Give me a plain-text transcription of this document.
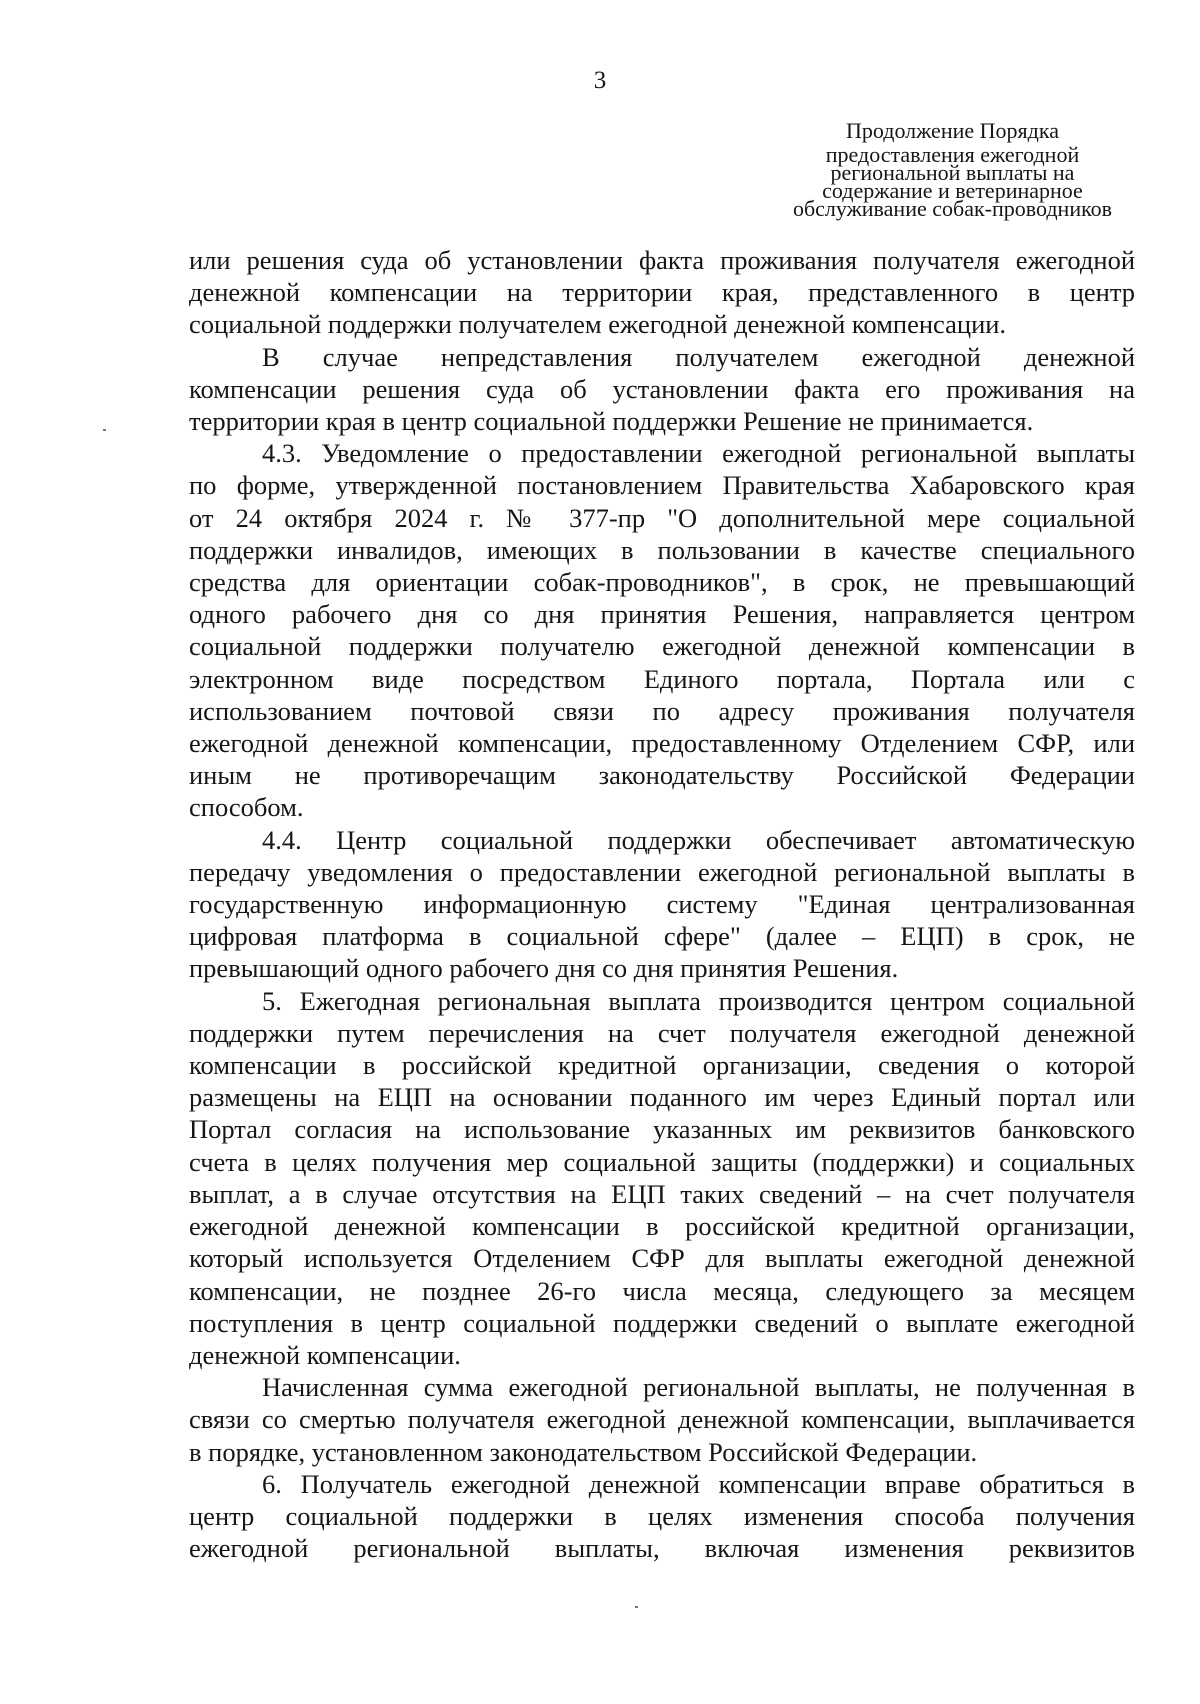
3
Продолжение Порядка
предоставления ежегодной
региональной выплаты на
содержание и ветеринарное
обслуживание собак-проводников
или решения суда об установлении факта проживания получателя ежегодной
денежной компенсации на территории края, представленного в центр
социальной поддержки получателем ежегодной денежной компенсации.
В случае непредставления получателем ежегодной денежной
компенсации решения суда об установлении факта его проживания на
территории края в центр социальной поддержки Решение не принимается.
4.3. Уведомление о предоставлении ежегодной региональной выплаты
по форме, утвержденной постановлением Правительства Хабаровского края
от 24 октября 2024 г. № 377-пр "О дополнительной мере социальной
поддержки инвалидов, имеющих в пользовании в качестве специального
средства для ориентации собак-проводников", в срок, не превышающий
одного рабочего дня со дня принятия Решения, направляется центром
социальной поддержки получателю ежегодной денежной компенсации в
электронном виде посредством Единого портала, Портала или с
использованием почтовой связи по адресу проживания получателя
ежегодной денежной компенсации, предоставленному Отделением СФР, или
иным не противоречащим законодательству Российской Федерации
способом.
4.4. Центр социальной поддержки обеспечивает автоматическую
передачу уведомления о предоставлении ежегодной региональной выплаты в
государственную информационную систему "Единая централизованная
цифровая платформа в социальной сфере" (далее – ЕЦП) в срок, не
превышающий одного рабочего дня со дня принятия Решения.
5. Ежегодная региональная выплата производится центром социальной
поддержки путем перечисления на счет получателя ежегодной денежной
компенсации в российской кредитной организации, сведения о которой
размещены на ЕЦП на основании поданного им через Единый портал или
Портал согласия на использование указанных им реквизитов банковского
счета в целях получения мер социальной защиты (поддержки) и социальных
выплат, а в случае отсутствия на ЕЦП таких сведений – на счет получателя
ежегодной денежной компенсации в российской кредитной организации,
который используется Отделением СФР для выплаты ежегодной денежной
компенсации, не позднее 26-го числа месяца, следующего за месяцем
поступления в центр социальной поддержки сведений о выплате ежегодной
денежной компенсации.
Начисленная сумма ежегодной региональной выплаты, не полученная в
связи со смертью получателя ежегодной денежной компенсации, выплачивается
в порядке, установленном законодательством Российской Федерации.
6. Получатель ежегодной денежной компенсации вправе обратиться в
центр социальной поддержки в целях изменения способа получения
ежегодной региональной выплаты, включая изменения реквизитов
